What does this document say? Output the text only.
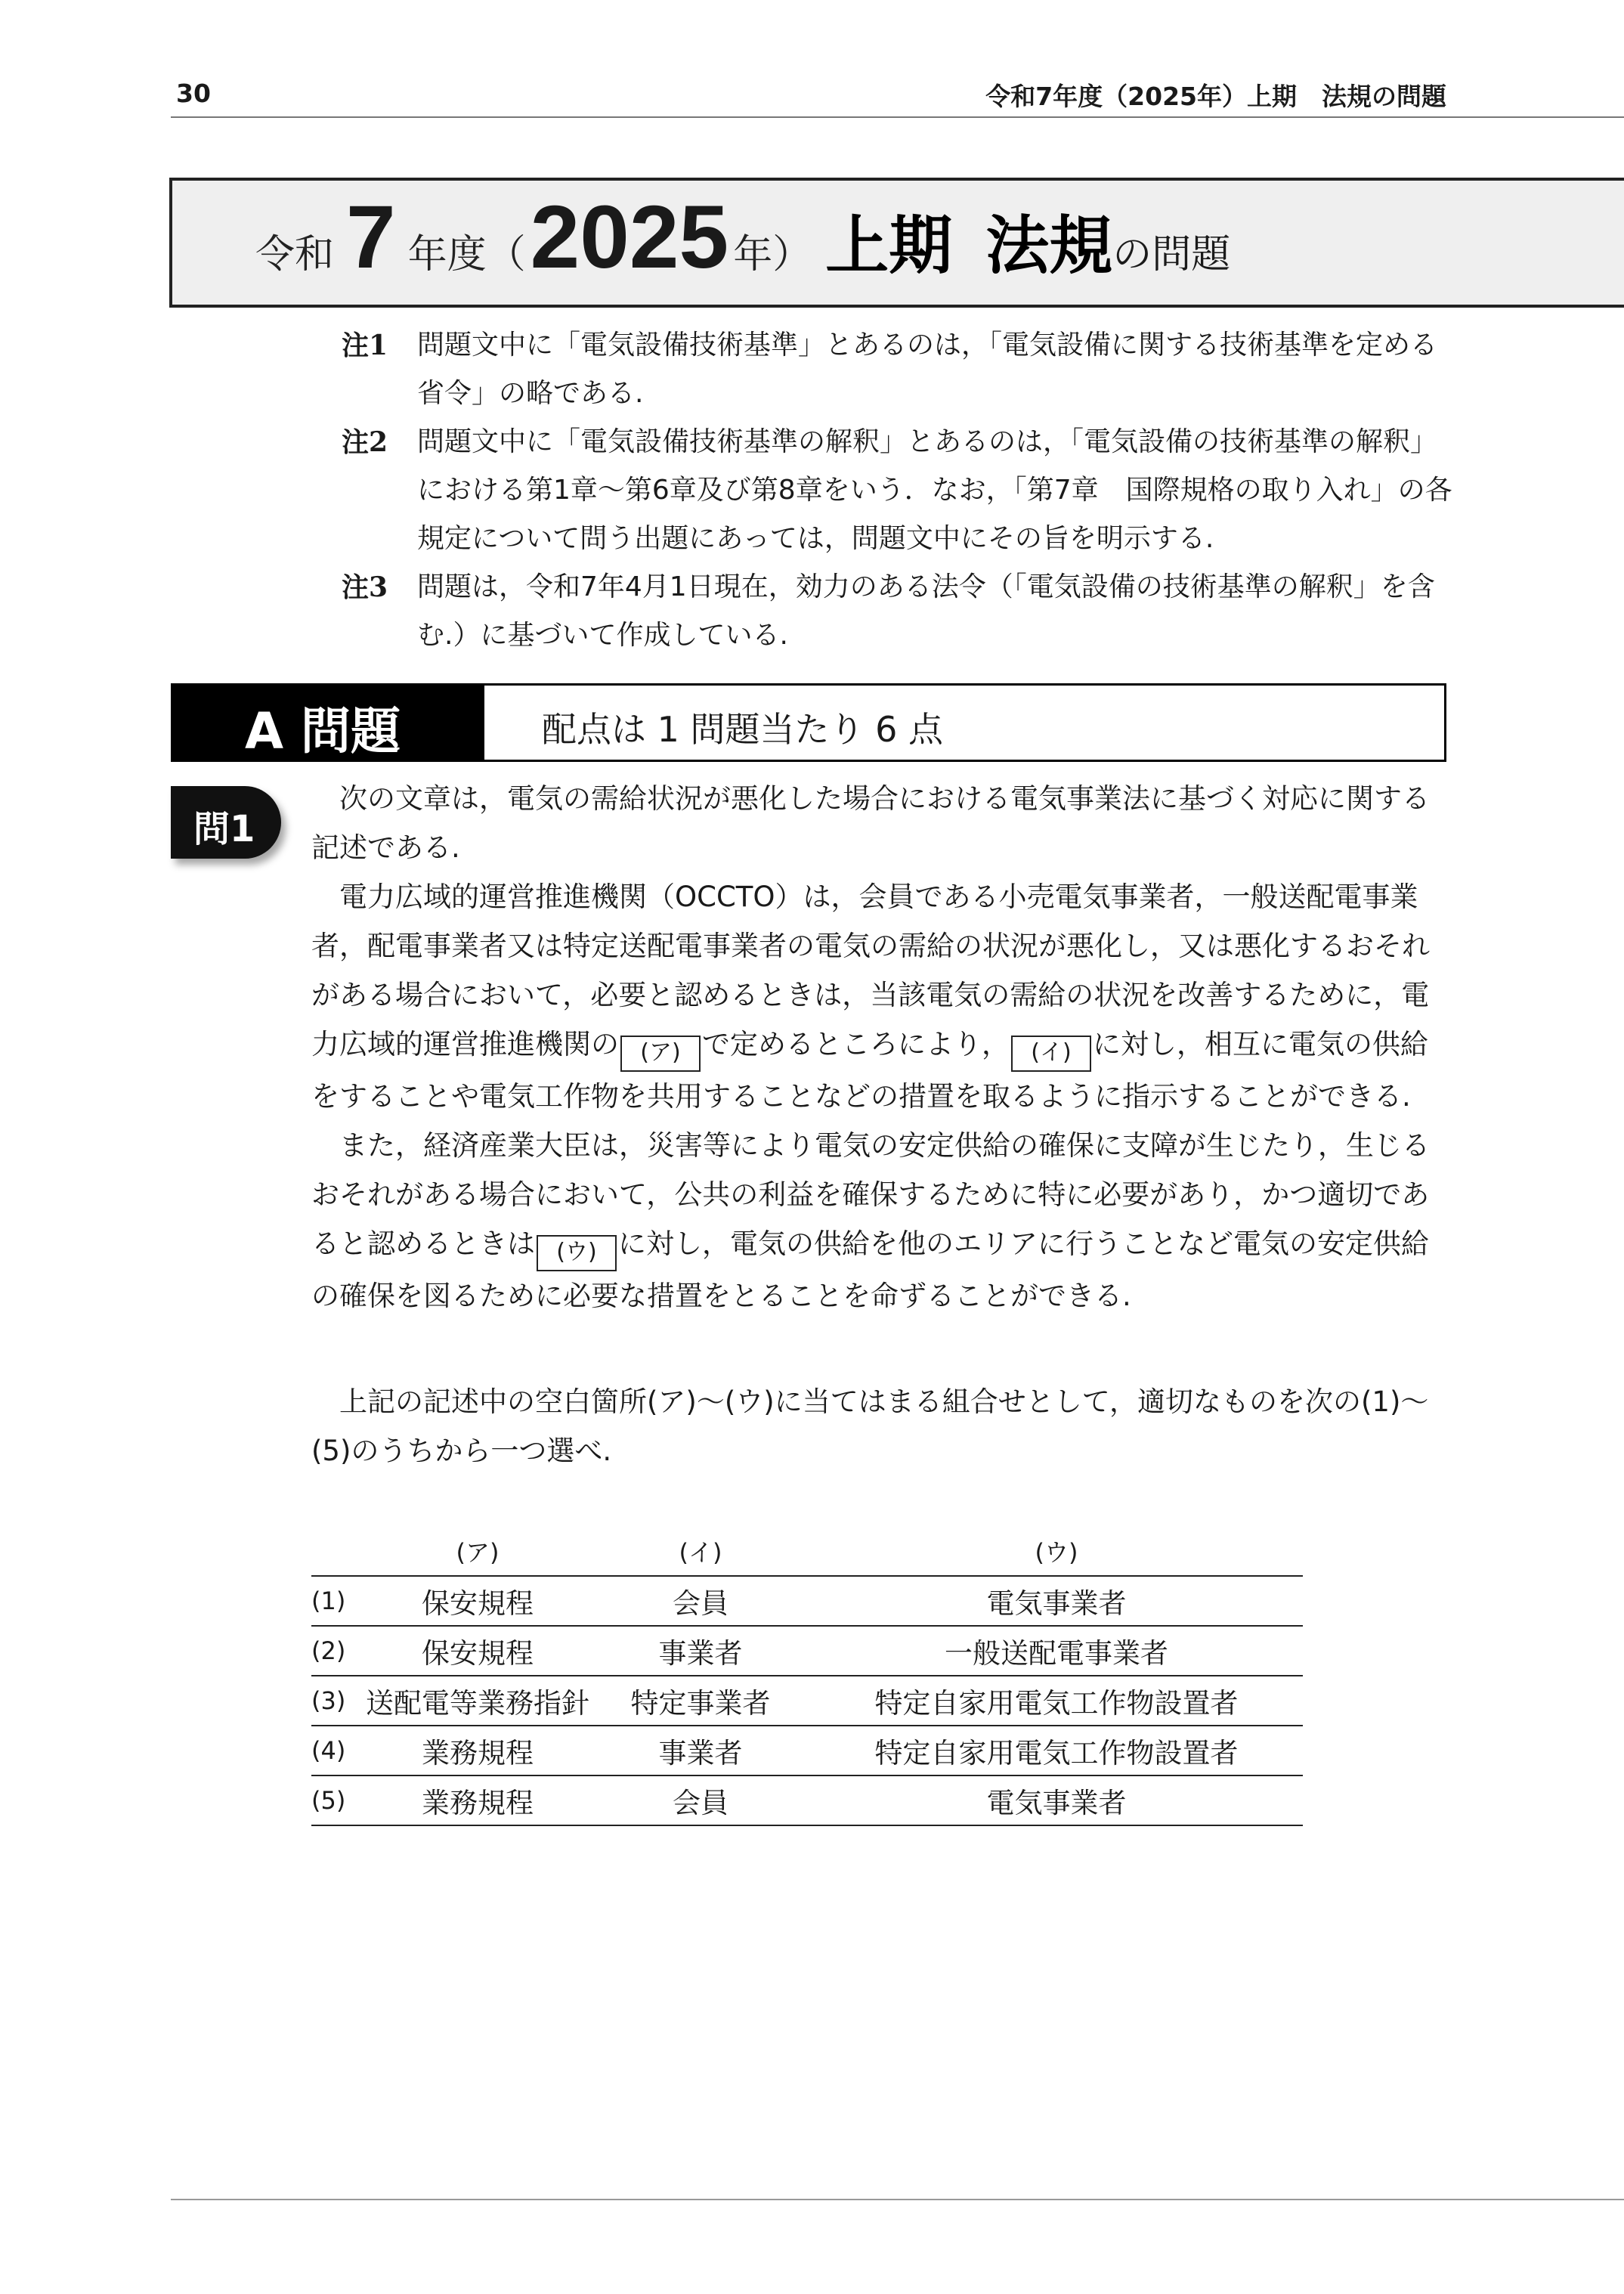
30	令和7年度（2025年）上期　法規の問題
令和 7 年度（ 2025 年） 上期 法規 の問題
注1	問題文中に「電気設備技術基準」とあるのは，「電気設備に関する技術基準を定める省令」の略である.
注2	問題文中に「電気設備技術基準の解釈」とあるのは，「電気設備の技術基準の解釈」における第1章～第6章及び第8章をいう．なお，「第7章　国際規格の取り入れ」の各規定について問う出題にあっては，問題文中にその旨を明示する.
注3	問題は，令和7年4月1日現在，効力のある法令（「電気設備の技術基準の解釈」を含む.）に基づいて作成している.
A 問題	配点は 1 問題当たり 6 点
問1

次の文章は，電気の需給状況が悪化した場合における電気事業法に基づく対応に関する記述である.

電力広域的運営推進機関（OCCTO）は，会員である小売電気事業者，一般送配電事業者，配電事業者又は特定送配電事業者の電気の需給の状況が悪化し，又は悪化するおそれがある場合において，必要と認めるときは，当該電気の需給の状況を改善するために，電力広域的運営推進機関の (ア) で定めるところにより， (イ) に対し，相互に電気の供給をすることや電気工作物を共用することなどの措置を取るように指示することができる.

また，経済産業大臣は，災害等により電気の安定供給の確保に支障が生じたり，生じるおそれがある場合において，公共の利益を確保するために特に必要があり，かつ適切であると認めるときは (ウ) に対し，電気の供給を他のエリアに行うことなど電気の安定供給の確保を図るために必要な措置をとることを命ずることができる.

上記の記述中の空白箇所(ア)～(ウ)に当てはまる組合せとして，適切なものを次の(1)～(5)のうちから一つ選べ.

	(ア)	(イ)	(ウ)
(1)	保安規程	会員	電気事業者
(2)	保安規程	事業者	一般送配電事業者
(3)	送配電等業務指針	特定事業者	特定自家用電気工作物設置者
(4)	業務規程	事業者	特定自家用電気工作物設置者
(5)	業務規程	会員	電気事業者
